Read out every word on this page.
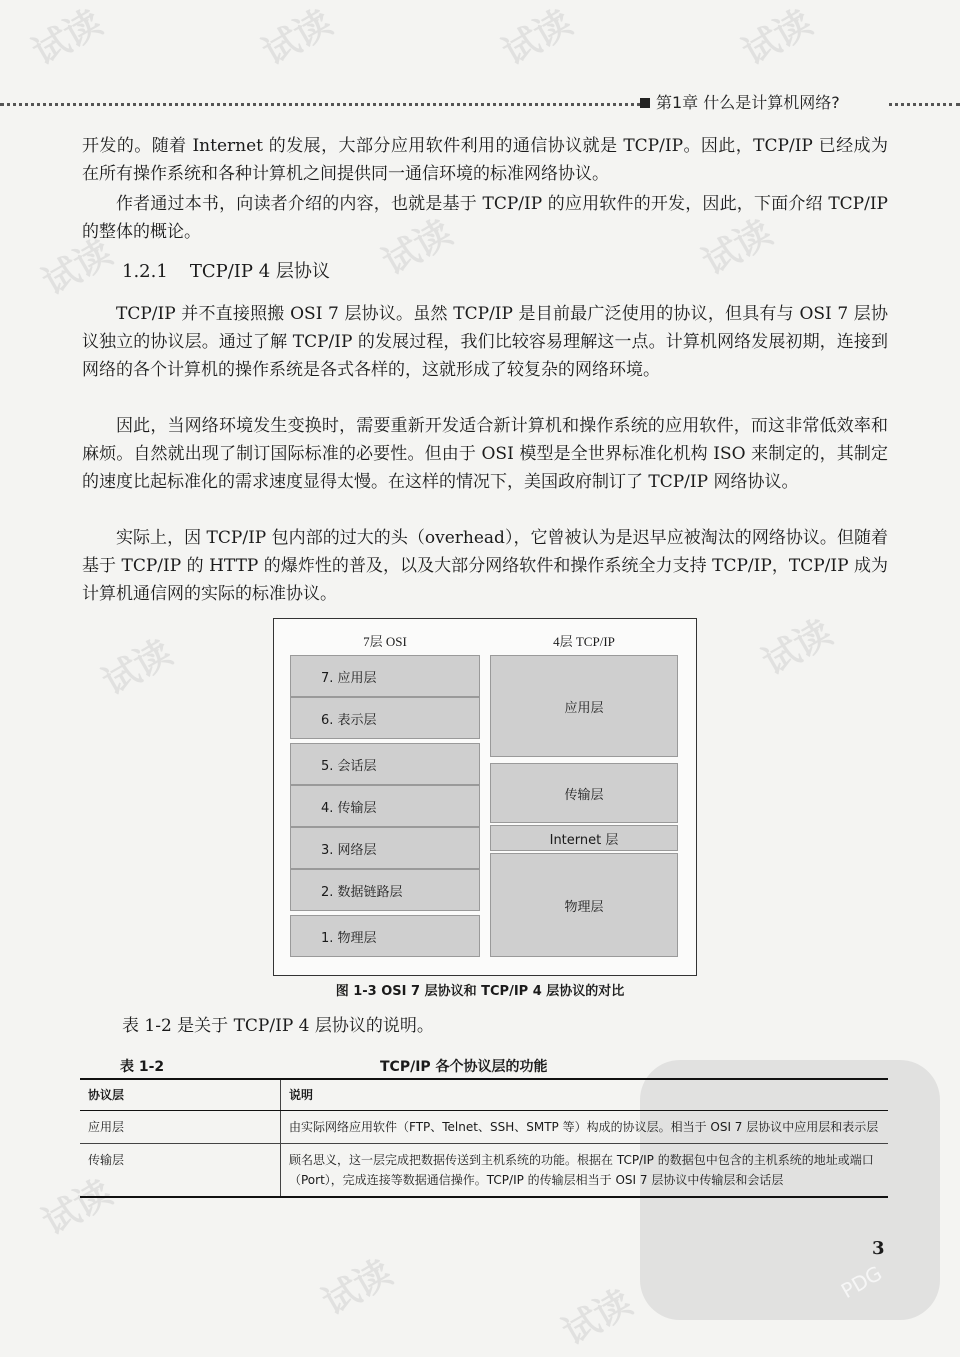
试读	试读	试读	试读
试读	试读	试读
试读	试读
试读
试读	试读
PDG
第1章 什么是计算机网络?

开发的。随着 Internet 的发展，大部分应用软件利用的通信协议就是 TCP/IP。因此，TCP/IP 已经成为在所有操作系统和各种计算机之间提供同一通信环境的标准网络协议。

作者通过本书，向读者介绍的内容，也就是基于 TCP/IP 的应用软件的开发，因此，下面介绍 TCP/IP 的整体的概论。

1.2.1 TCP/IP 4 层协议

TCP/IP 并不直接照搬 OSI 7 层协议。虽然 TCP/IP 是目前最广泛使用的协议，但具有与 OSI 7 层协议独立的协议层。通过了解 TCP/IP 的发展过程，我们比较容易理解这一点。计算机网络发展初期，连接到网络的各个计算机的操作系统是各式各样的，这就形成了较复杂的网络环境。

因此，当网络环境发生变换时，需要重新开发适合新计算机和操作系统的应用软件，而这非常低效率和麻烦。自然就出现了制订国际标准的必要性。但由于 OSI 模型是全世界标准化机构 ISO 来制定的，其制定的速度比起标准化的需求速度显得太慢。在这样的情况下，美国政府制订了 TCP/IP 网络协议。

实际上，因 TCP/IP 包内部的过大的头（overhead），它曾被认为是迟早应被淘汰的网络协议。但随着基于 TCP/IP 的 HTTP 的爆炸性的普及，以及大部分网络软件和操作系统全力支持 TCP/IP，TCP/IP 成为计算机通信网的实际的标准协议。

7层 OSI	4层 TCP/IP
7. 应用层
6. 表示层
5. 会话层
4. 传输层
3. 网络层
2. 数据链路层
1. 物理层
应用层
传输层
Internet 层
物理层
图 1-3 OSI 7 层协议和 TCP/IP 4 层协议的对比

表 1-2 是关于 TCP/IP 4 层协议的说明。

表 1-2	TCP/IP 各个协议层的功能
协议层	说明
应用层	由实际网络应用软件（FTP、Telnet、SSH、SMTP 等）构成的协议层。相当于 OSI 7 层协议中应用层和表示层
传输层	顾名思义，这一层完成把数据传送到主机系统的功能。根据在 TCP/IP 的数据包中包含的主机系统的地址或端口（Port），完成连接等数据通信操作。TCP/IP 的传输层相当于 OSI 7 层协议中传输层和会话层
3
